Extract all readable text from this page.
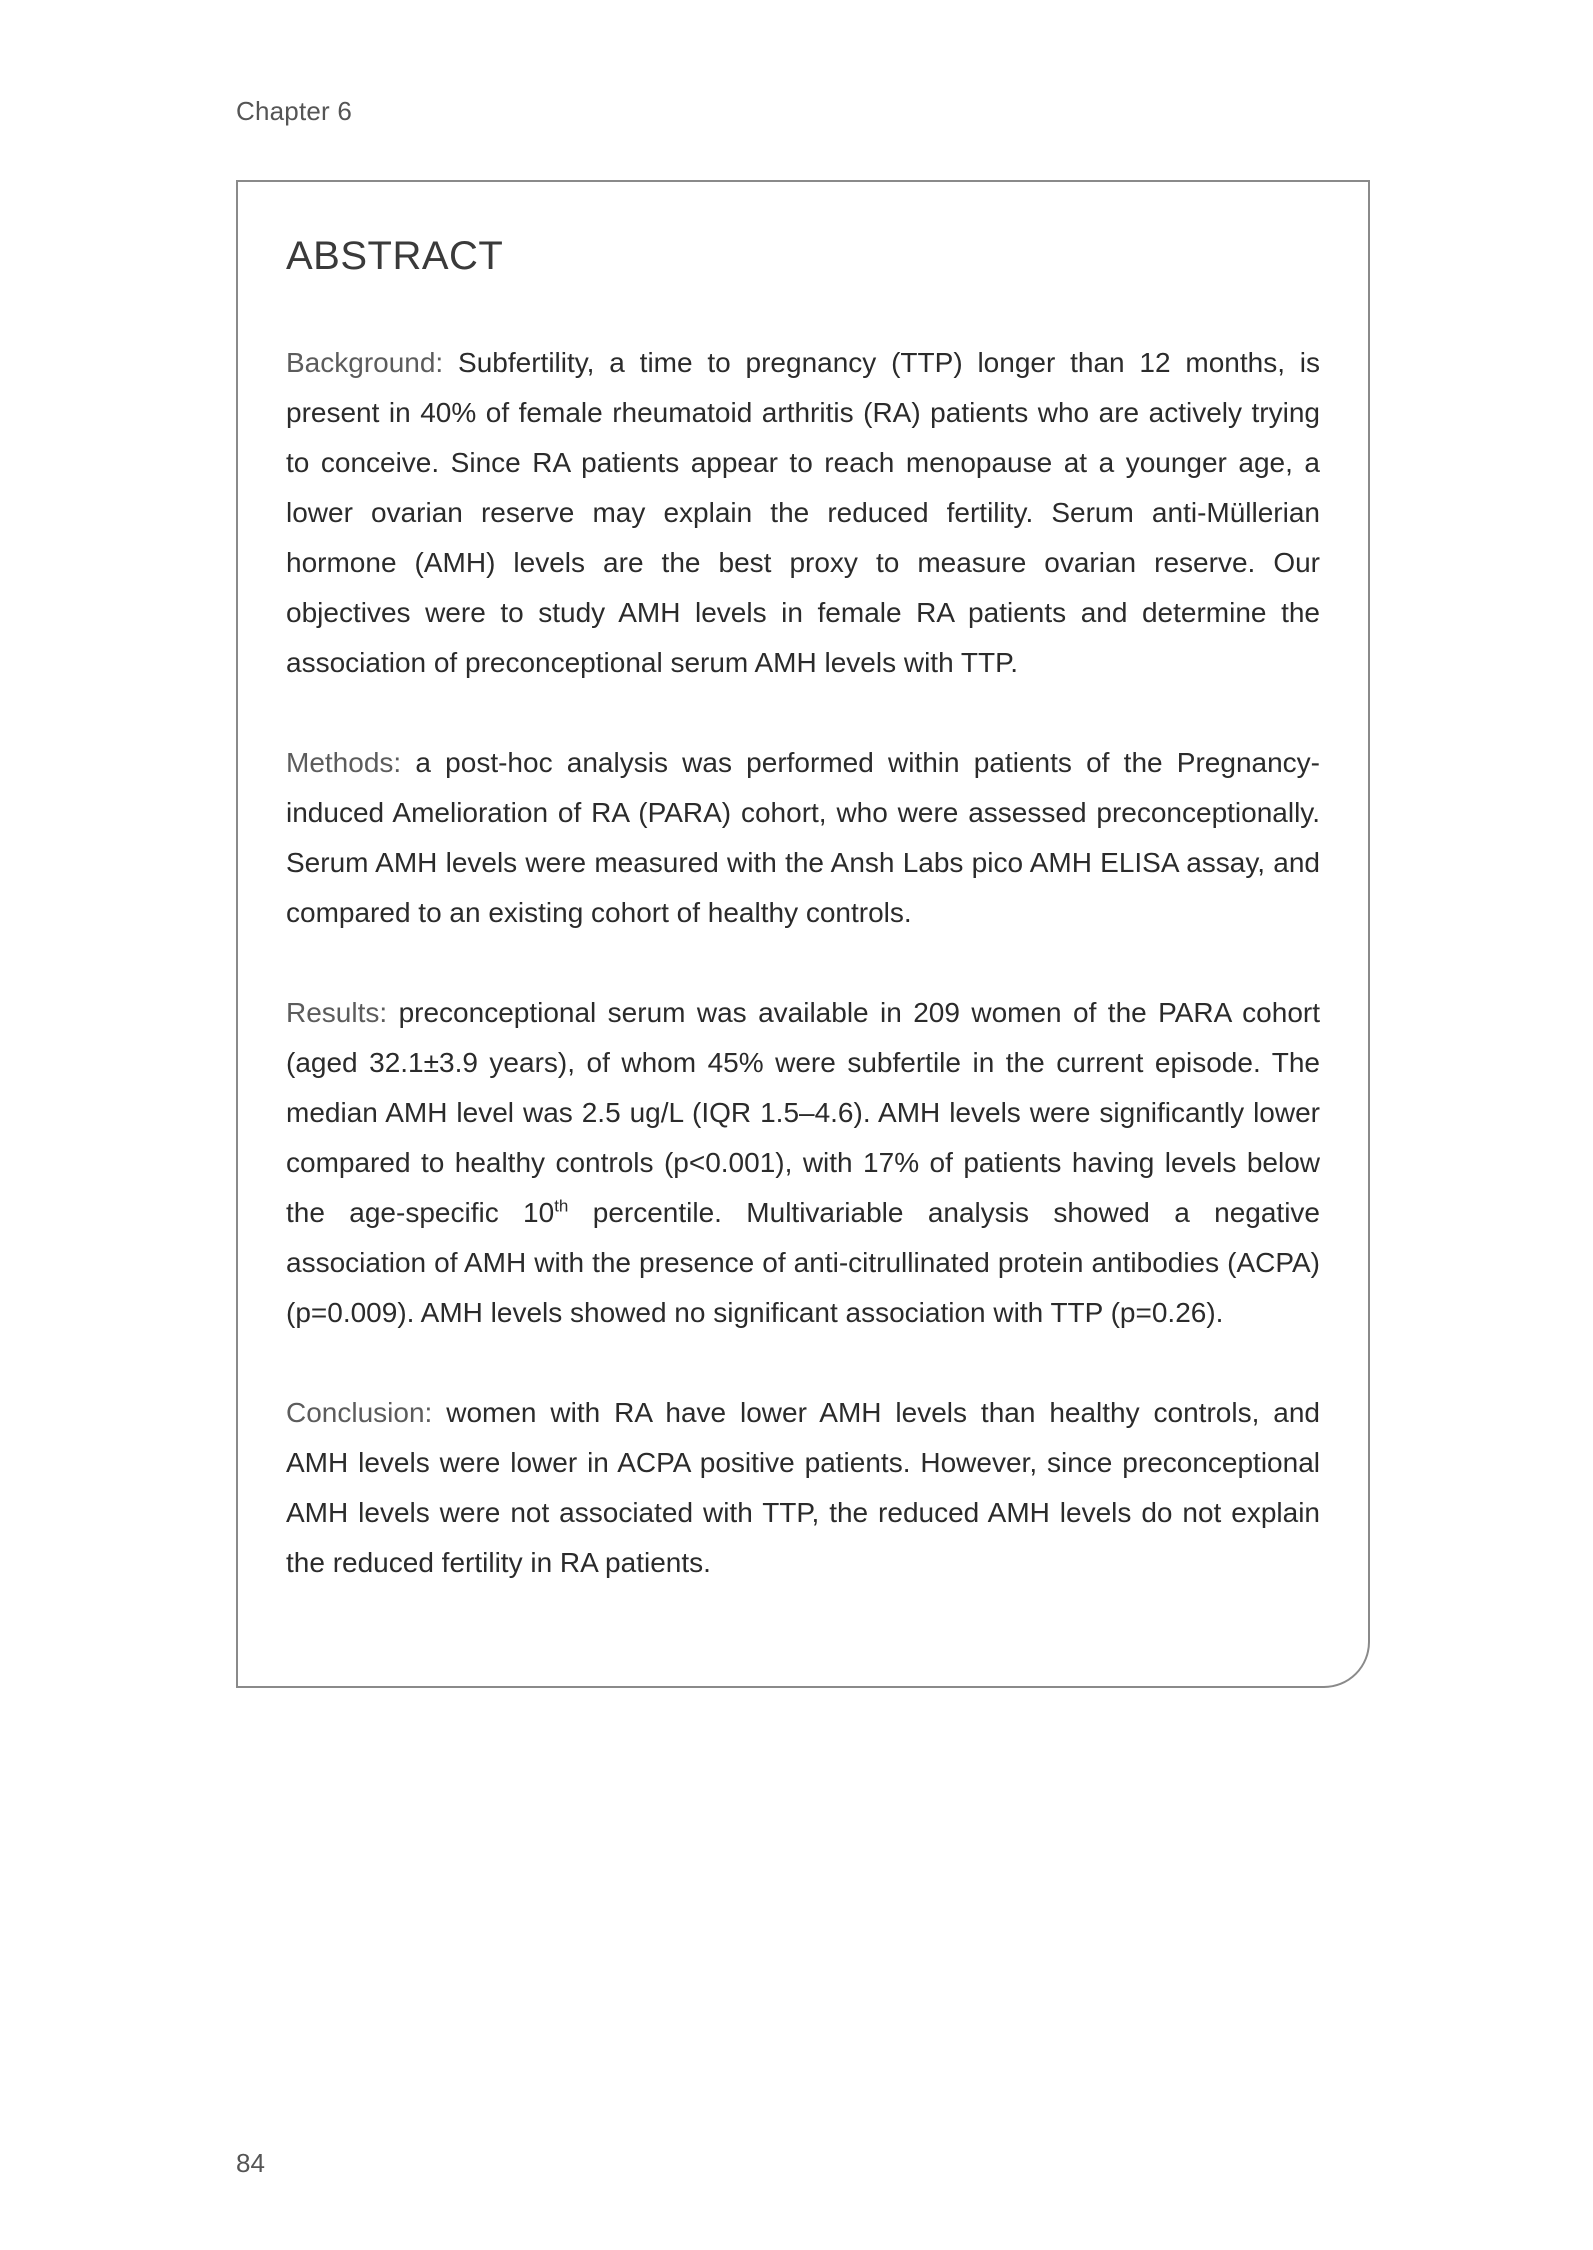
Chapter 6
ABSTRACT

Background: Subfertility, a time to pregnancy (TTP) longer than 12 months, is present in 40% of female rheumatoid arthritis (RA) patients who are actively trying to conceive. Since RA patients appear to reach menopause at a younger age, a lower ovarian reserve may explain the reduced fertility. Serum anti-Müllerian hormone (AMH) levels are the best proxy to measure ovarian reserve. Our objectives were to study AMH levels in female RA patients and determine the association of preconceptional serum AMH levels with TTP.

Methods: a post-hoc analysis was performed within patients of the Pregnancy-induced Amelioration of RA (PARA) cohort, who were assessed preconceptionally. Serum AMH levels were measured with the Ansh Labs pico AMH ELISA assay, and compared to an existing cohort of healthy controls.

Results: preconceptional serum was available in 209 women of the PARA cohort (aged 32.1±3.9 years), of whom 45% were subfertile in the current episode. The median AMH level was 2.5 ug/L (IQR 1.5–4.6). AMH levels were significantly lower compared to healthy controls (p<0.001), with 17% of patients having levels below the age-specific 10th percentile. Multivariable analysis showed a negative association of AMH with the presence of anti-citrullinated protein antibodies (ACPA) (p=0.009). AMH levels showed no significant association with TTP (p=0.26).

Conclusion: women with RA have lower AMH levels than healthy controls, and AMH levels were lower in ACPA positive patients. However, since preconceptional AMH levels were not associated with TTP, the reduced AMH levels do not explain the reduced fertility in RA patients.

84
